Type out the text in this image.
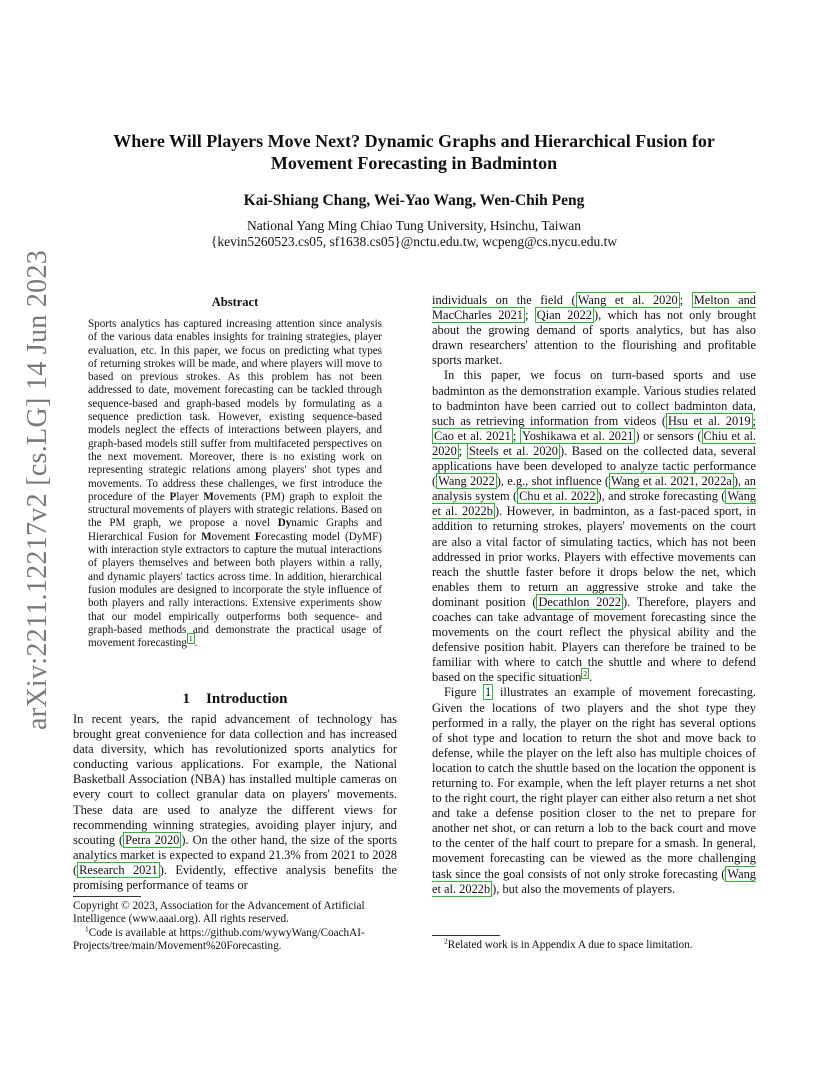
Where Will Players Move Next? Dynamic Graphs and Hierarchical Fusion for
Movement Forecasting in Badminton
Kai-Shiang Chang, Wei-Yao Wang, Wen-Chih Peng
National Yang Ming Chiao Tung University, Hsinchu, Taiwan
{kevin5260523.cs05, sf1638.cs05}@nctu.edu.tw, wcpeng@cs.nycu.edu.tw
arXiv:2211.12217v2 [cs.LG] 14 Jun 2023	Abstract
Sports analytics has captured increasing attention since analysis of the various data enables insights for training strategies, player evaluation, etc. In this paper, we focus on predicting what types of returning strokes will be made, and where players will move to based on previous strokes. As this problem has not been addressed to date, movement forecasting can be tackled through sequence-based and graph-based models by formulating as a sequence prediction task. However, existing sequence-based models neglect the effects of interactions between players, and graph-based models still suffer from multifaceted perspectives on the next movement. Moreover, there is no existing work on representing strategic relations among players' shot types and movements. To address these challenges, we first introduce the procedure of the Player Movements (PM) graph to exploit the structural movements of players with strategic relations. Based on the PM graph, we propose a novel Dynamic Graphs and Hierarchical Fusion for Movement Forecasting model (DyMF) with interaction style extractors to capture the mutual interactions of players themselves and between both players within a rally, and dynamic players' tactics across time. In addition, hierarchical fusion modules are designed to incorporate the style influence of both players and rally interactions. Extensive experiments show that our model empirically outperforms both sequence- and graph-based methods and demonstrate the practical usage of movement forecasting $^1$ .
1 Introduction
In recent years, the rapid advancement of technology has brought great convenience for data collection and has increased data diversity, which has revolutionized sports analytics for conducting various applications. For example, the National Basketball Association (NBA) has installed multiple cameras on every court to collect granular data on players' movements. These data are used to analyze the different views for recommending winning strategies, avoiding player injury, and scouting ( Petra 2020 ). On the other hand, the size of the sports analytics market is expected to expand 21.3% from 2021 to 2028 ( Research 2021 ). Evidently, effective analysis benefits the promising performance of teams or

individuals on the field ( Wang et al. 2020 ; Melton and MacCharles 2021 ; Qian 2022 ), which has not only brought about the growing demand of sports analytics, but has also drawn researchers' attention to the flourishing and profitable sports market.

In this paper, we focus on turn-based sports and use badminton as the demonstration example. Various studies related to badminton have been carried out to collect badminton data, such as retrieving information from videos ( Hsu et al. 2019 ; Cao et al. 2021 ; Yoshikawa et al. 2021 ) or sensors ( Chiu et al. 2020 ; Steels et al. 2020 ). Based on the collected data, several applications have been developed to analyze tactic performance ( Wang 2022 ), e.g., shot influence ( Wang et al. 2021, 2022a ), an analysis system ( Chu et al. 2022 ), and stroke forecasting ( Wang et al. 2022b ). However, in badminton, as a fast-paced sport, in addition to returning strokes, players' movements on the court are also a vital factor of simulating tactics, which has not been addressed in prior works. Players with effective movements can reach the shuttle faster before it drops below the net, which enables them to return an aggressive stroke and take the dominant position ( Decathlon 2022 ). Therefore, players and coaches can take advantage of movement forecasting since the movements on the court reflect the physical ability and the defensive position habit. Players can therefore be trained to be familiar with where to catch the shuttle and where to defend based on the specific situation $^2$ .

Figure 1 illustrates an example of movement forecasting. Given the locations of two players and the shot type they performed in a rally, the player on the right has several options of shot type and location to return the shot and move back to defense, while the player on the left also has multiple choices of location to catch the shuttle based on the location the opponent is returning to. For example, when the left player returns a net shot to the right court, the right player can either also return a net shot and take a defense position closer to the net to prepare for another net shot, or can return a lob to the back court and move to the center of the half court to prepare for a smash. In general, movement forecasting can be viewed as the more challenging task since the goal consists of not only stroke forecasting ( Wang et al. 2022b ), but also the movements of players.

Copyright © 2023, Association for the Advancement of Artificial Intelligence (www.aaai.org). All rights reserved.
$^1$Code is available at https://github.com/wywyWang/CoachAI-Projects/tree/main/Movement%20Forecasting.	$^2$Related work is in Appendix A due to space limitation.
